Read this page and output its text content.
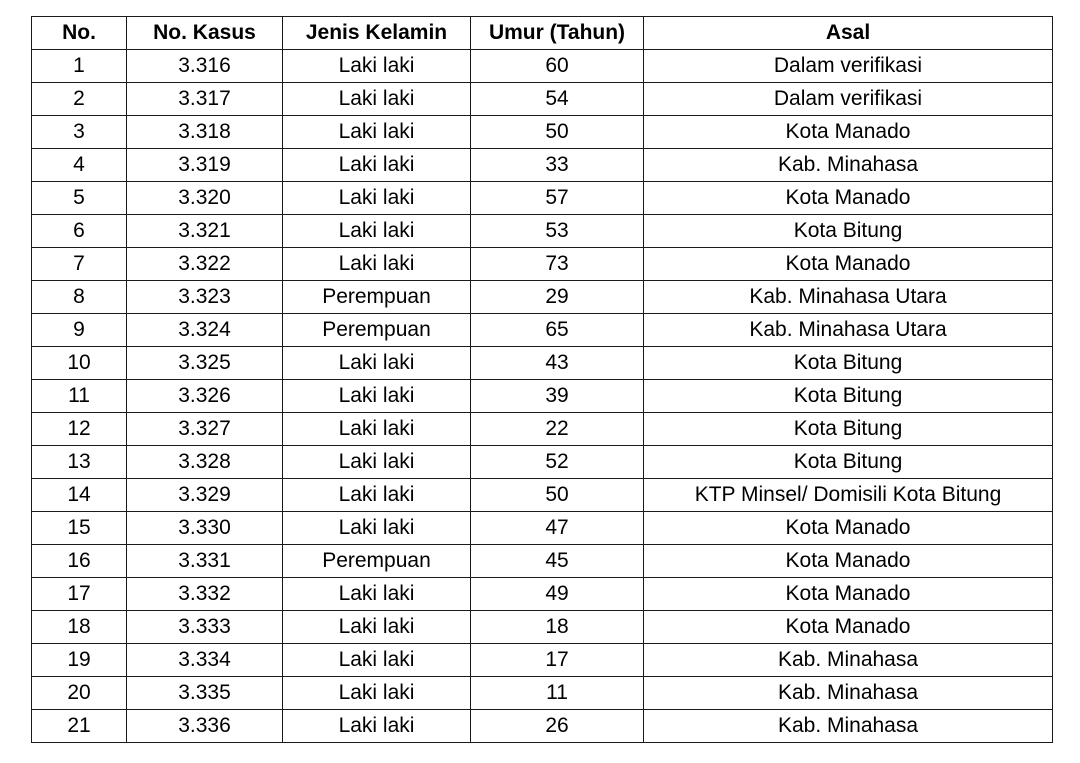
No.	No. Kasus	Jenis Kelamin	Umur (Tahun)	Asal
1	3.316	Laki laki	60	Dalam verifikasi
2	3.317	Laki laki	54	Dalam verifikasi
3	3.318	Laki laki	50	Kota Manado
4	3.319	Laki laki	33	Kab. Minahasa
5	3.320	Laki laki	57	Kota Manado
6	3.321	Laki laki	53	Kota Bitung
7	3.322	Laki laki	73	Kota Manado
8	3.323	Perempuan	29	Kab. Minahasa Utara
9	3.324	Perempuan	65	Kab. Minahasa Utara
10	3.325	Laki laki	43	Kota Bitung
11	3.326	Laki laki	39	Kota Bitung
12	3.327	Laki laki	22	Kota Bitung
13	3.328	Laki laki	52	Kota Bitung
14	3.329	Laki laki	50	KTP Minsel/ Domisili Kota Bitung
15	3.330	Laki laki	47	Kota Manado
16	3.331	Perempuan	45	Kota Manado
17	3.332	Laki laki	49	Kota Manado
18	3.333	Laki laki	18	Kota Manado
19	3.334	Laki laki	17	Kab. Minahasa
20	3.335	Laki laki	11	Kab. Minahasa
21	3.336	Laki laki	26	Kab. Minahasa
